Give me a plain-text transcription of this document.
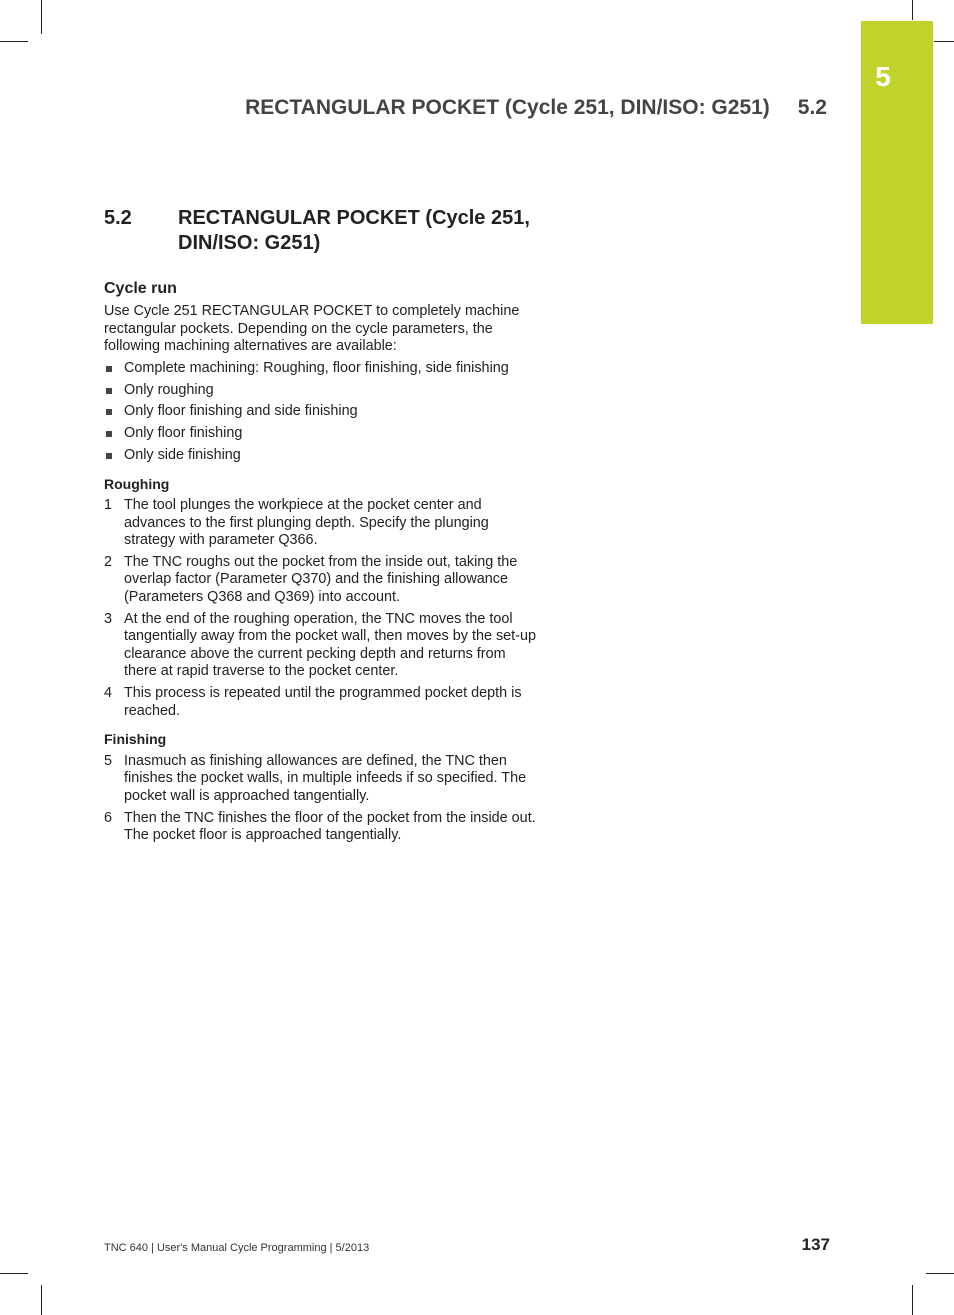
5
RECTANGULAR POCKET (Cycle 251, DIN/ISO: G251) 5.2
5.2	RECTANGULAR POCKET (Cycle 251, DIN/ISO: G251)
Cycle run

Use Cycle 251 RECTANGULAR POCKET to completely machine rectangular pockets. Depending on the cycle parameters, the following machining alternatives are available:

Complete machining: Roughing, floor finishing, side finishing
Only roughing
Only floor finishing and side finishing
Only floor finishing
Only side finishing
Roughing
1 The tool plunges the workpiece at the pocket center and advances to the first plunging depth. Specify the plunging strategy with parameter Q366.
2 The TNC roughs out the pocket from the inside out, taking the overlap factor (Parameter Q370) and the finishing allowance (Parameters Q368 and Q369) into account.
3 At the end of the roughing operation, the TNC moves the tool tangentially away from the pocket wall, then moves by the set-up clearance above the current pecking depth and returns from there at rapid traverse to the pocket center.
4 This process is repeated until the programmed pocket depth is reached.
Finishing
5 Inasmuch as finishing allowances are defined, the TNC then finishes the pocket walls, in multiple infeeds if so specified. The pocket wall is approached tangentially.
6 Then the TNC finishes the floor of the pocket from the inside out. The pocket floor is approached tangentially.
TNC 640 | User's Manual Cycle Programming | 5/2013	137
